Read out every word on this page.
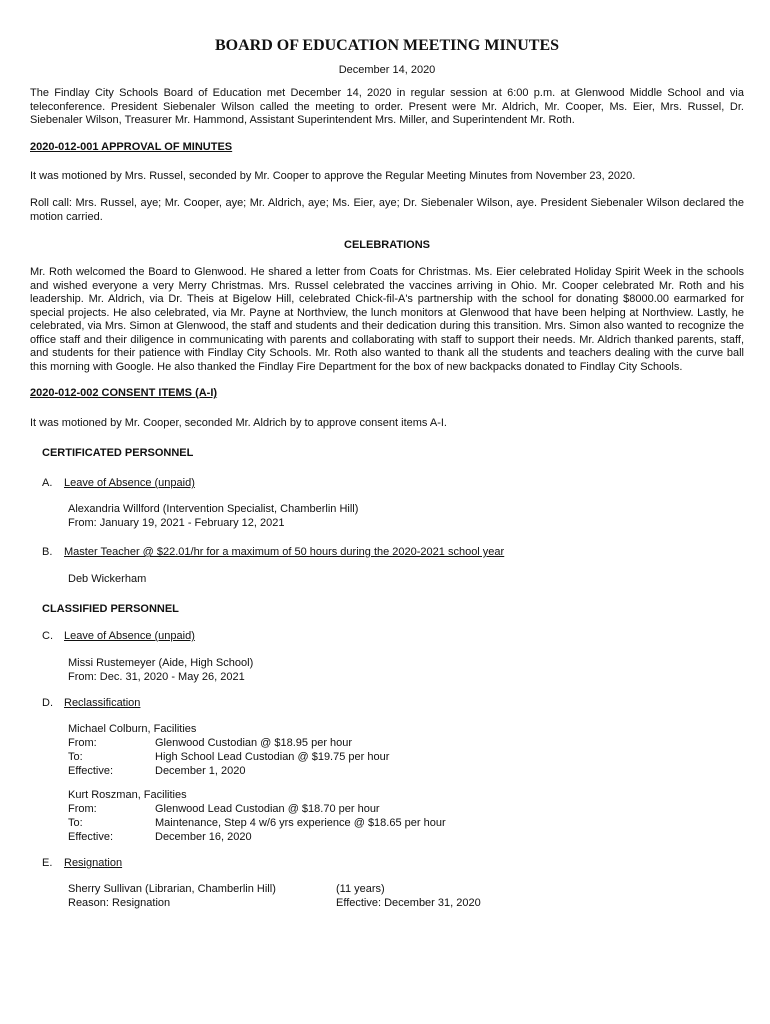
BOARD OF EDUCATION MEETING MINUTES
December 14, 2020

The Findlay City Schools Board of Education met December 14, 2020 in regular session at 6:00 p.m. at Glenwood Middle School and via teleconference. President Siebenaler Wilson called the meeting to order. Present were Mr. Aldrich, Mr. Cooper, Ms. Eier, Mrs. Russel, Dr. Siebenaler Wilson, Treasurer Mr. Hammond, Assistant Superintendent Mrs. Miller, and Superintendent Mr. Roth.

2020-012-001 APPROVAL OF MINUTES

It was motioned by Mrs. Russel, seconded by Mr. Cooper to approve the Regular Meeting Minutes from November 23, 2020.

Roll call: Mrs. Russel, aye; Mr. Cooper, aye; Mr. Aldrich, aye; Ms. Eier, aye; Dr. Siebenaler Wilson, aye. President Siebenaler Wilson declared the motion carried.

CELEBRATIONS

Mr. Roth welcomed the Board to Glenwood. He shared a letter from Coats for Christmas. Ms. Eier celebrated Holiday Spirit Week in the schools and wished everyone a very Merry Christmas. Mrs. Russel celebrated the vaccines arriving in Ohio. Mr. Cooper celebrated Mr. Roth and his leadership. Mr. Aldrich, via Dr. Theis at Bigelow Hill, celebrated Chick-fil-A's partnership with the school for donating $8000.00 earmarked for special projects. He also celebrated, via Mr. Payne at Northview, the lunch monitors at Glenwood that have been helping at Northview. Lastly, he celebrated, via Mrs. Simon at Glenwood, the staff and students and their dedication during this transition. Mrs. Simon also wanted to recognize the office staff and their diligence in communicating with parents and collaborating with staff to support their needs. Mr. Aldrich thanked parents, staff, and students for their patience with Findlay City Schools. Mr. Roth also wanted to thank all the students and teachers dealing with the curve ball this morning with Google. He also thanked the Findlay Fire Department for the box of new backpacks donated to Findlay City Schools.

2020-012-002 CONSENT ITEMS (A-I)

It was motioned by Mr. Cooper, seconded Mr. Aldrich by to approve consent items A-I.

CERTIFICATED PERSONNEL
A. Leave of Absence (unpaid)
Alexandria Willford (Intervention Specialist, Chamberlin Hill)
From: January 19, 2021 - February 12, 2021
B. Master Teacher @ $22.01/hr for a maximum of 50 hours during the 2020-2021 school year
Deb Wickerham
CLASSIFIED PERSONNEL
C. Leave of Absence (unpaid)
Missi Rustemeyer (Aide, High School)
From: Dec. 31, 2020 - May 26, 2021
D. Reclassification
Michael Colburn, Facilities
From:	Glenwood Custodian @ $18.95 per hour
To:	High School Lead Custodian @ $19.75 per hour
Effective:	December 1, 2020
Kurt Roszman, Facilities
From:	Glenwood Lead Custodian @ $18.70 per hour
To:	Maintenance, Step 4 w/6 yrs experience @ $18.65 per hour
Effective:	December 16, 2020
E. Resignation
Sherry Sullivan (Librarian, Chamberlin Hill)	(11 years)
Reason: Resignation	Effective: December 31, 2020
